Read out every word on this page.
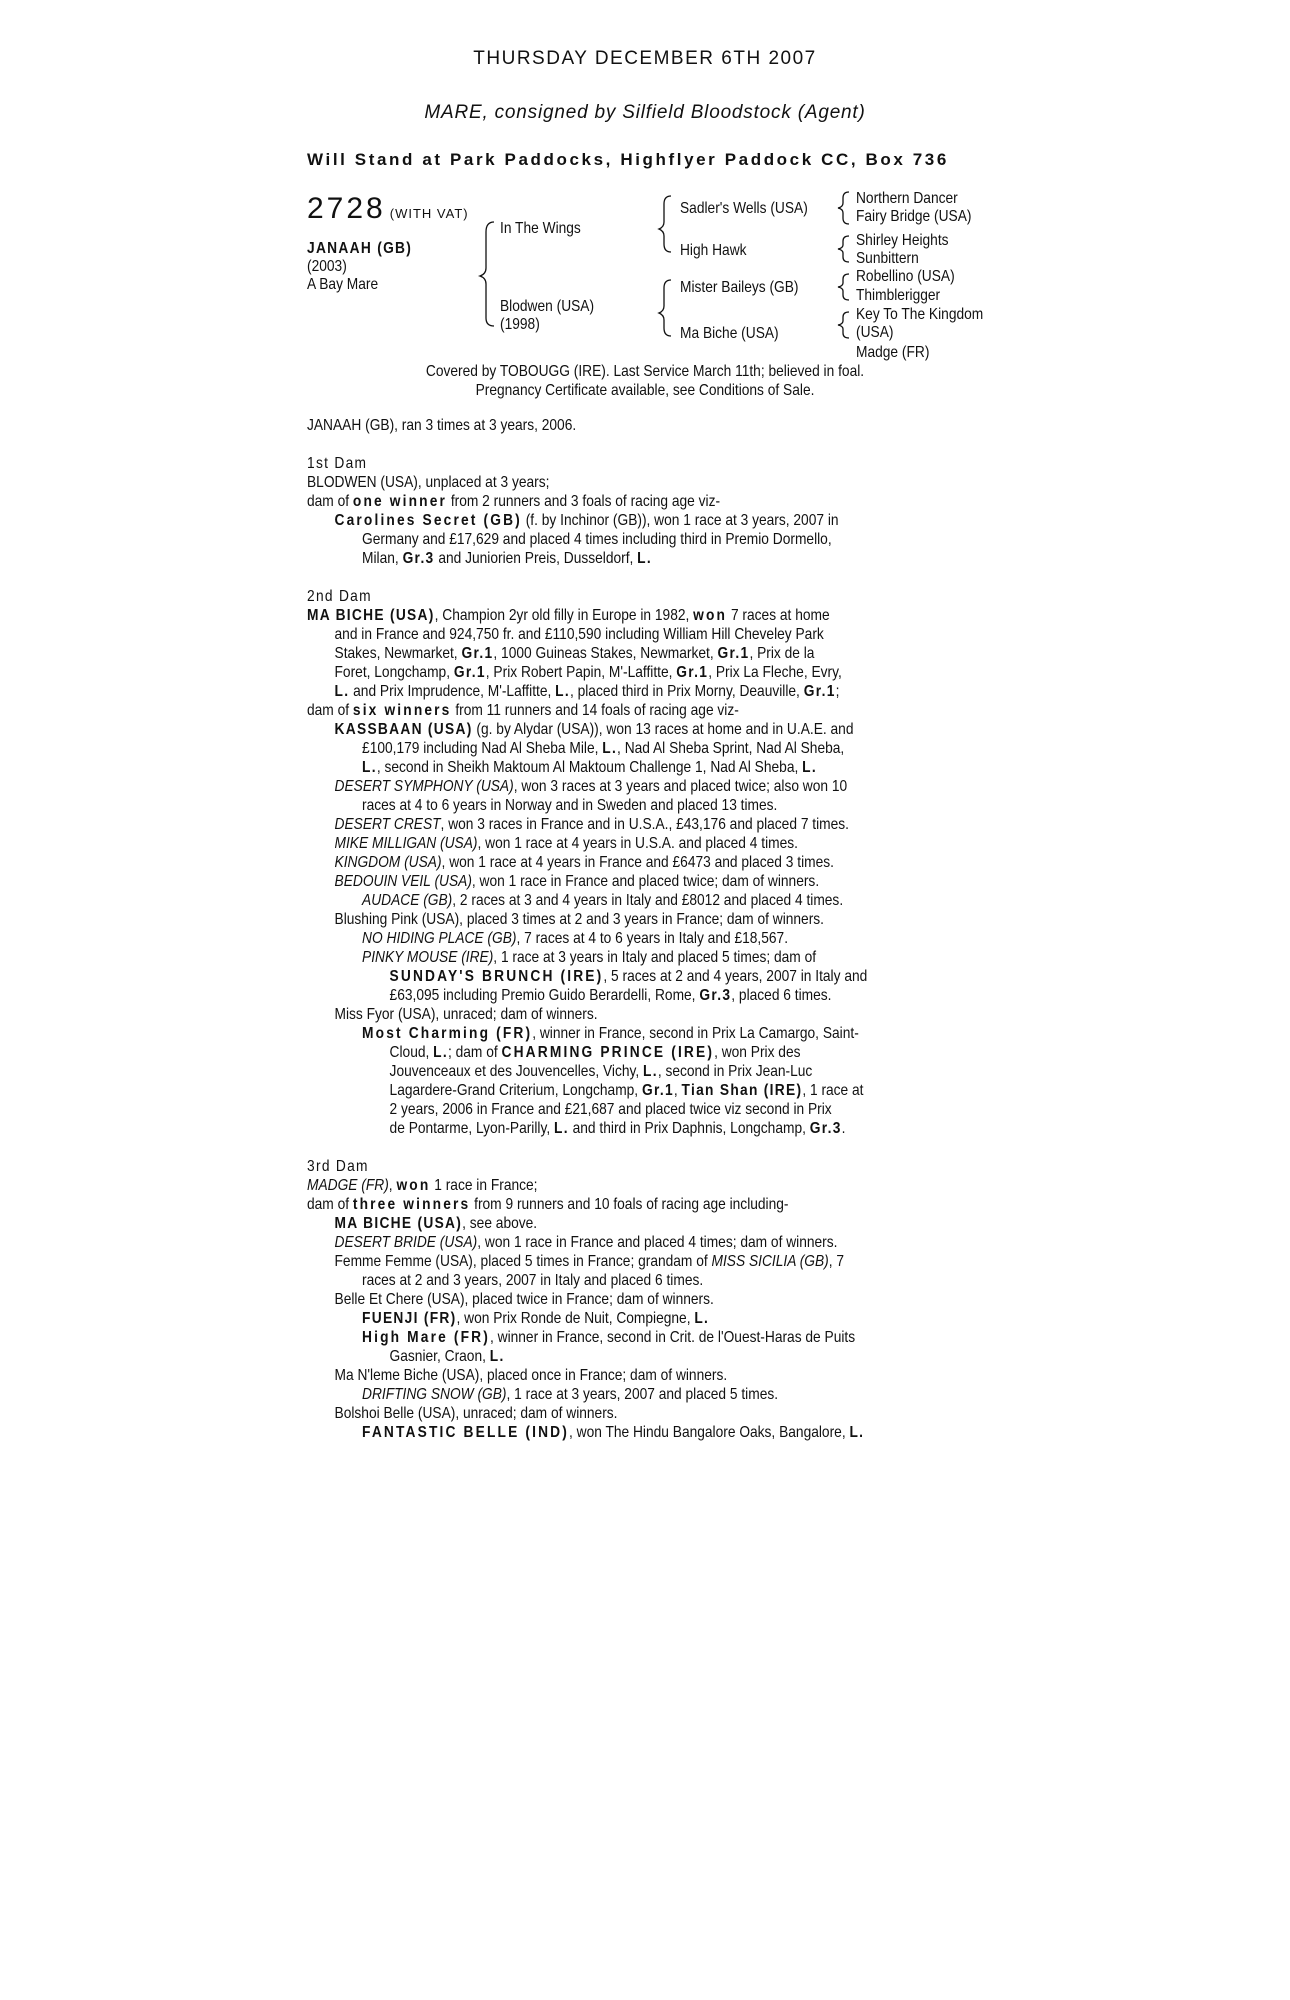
THURSDAY DECEMBER 6TH 2007
MARE, consigned by Silfield Bloodstock (Agent)
Will Stand at Park Paddocks, Highflyer Paddock CC, Box 736
2728 (WITH VAT)
JANAAH (GB)
(2003)
A Bay Mare
In The Wings
Blodwen (USA)
(1998)
Sadler's Wells (USA)
High Hawk
Mister Baileys (GB)
Ma Biche (USA)
Northern Dancer
Fairy Bridge (USA)
Shirley Heights
Sunbittern
Robellino (USA)
Thimblerigger
Key To The Kingdom
(USA)
Madge (FR)
Covered by TOBOUGG (IRE). Last Service March 11th; believed in foal.
Pregnancy Certificate available, see Conditions of Sale.
JANAAH (GB), ran 3 times at 3 years, 2006.
1st Dam
BLODWEN (USA), unplaced at 3 years;
dam of one winner from 2 runners and 3 foals of racing age viz-
Carolines Secret (GB) (f. by Inchinor (GB)), won 1 race at 3 years, 2007 in
Germany and £17,629 and placed 4 times including third in Premio Dormello,
Milan, Gr.3 and Juniorien Preis, Dusseldorf, L.
2nd Dam
MA BICHE (USA), Champion 2yr old filly in Europe in 1982, won 7 races at home
and in France and 924,750 fr. and £110,590 including William Hill Cheveley Park
Stakes, Newmarket, Gr.1, 1000 Guineas Stakes, Newmarket, Gr.1, Prix de la
Foret, Longchamp, Gr.1, Prix Robert Papin, M'-Laffitte, Gr.1, Prix La Fleche, Evry,
L. and Prix Imprudence, M'-Laffitte, L., placed third in Prix Morny, Deauville, Gr.1;
dam of six winners from 11 runners and 14 foals of racing age viz-
KASSBAAN (USA) (g. by Alydar (USA)), won 13 races at home and in U.A.E. and
£100,179 including Nad Al Sheba Mile, L., Nad Al Sheba Sprint, Nad Al Sheba,
L., second in Sheikh Maktoum Al Maktoum Challenge 1, Nad Al Sheba, L.
DESERT SYMPHONY (USA), won 3 races at 3 years and placed twice; also won 10
races at 4 to 6 years in Norway and in Sweden and placed 13 times.
DESERT CREST, won 3 races in France and in U.S.A., £43,176 and placed 7 times.
MIKE MILLIGAN (USA), won 1 race at 4 years in U.S.A. and placed 4 times.
KINGDOM (USA), won 1 race at 4 years in France and £6473 and placed 3 times.
BEDOUIN VEIL (USA), won 1 race in France and placed twice; dam of winners.
AUDACE (GB), 2 races at 3 and 4 years in Italy and £8012 and placed 4 times.
Blushing Pink (USA), placed 3 times at 2 and 3 years in France; dam of winners.
NO HIDING PLACE (GB), 7 races at 4 to 6 years in Italy and £18,567.
PINKY MOUSE (IRE), 1 race at 3 years in Italy and placed 5 times; dam of
SUNDAY'S BRUNCH (IRE), 5 races at 2 and 4 years, 2007 in Italy and
£63,095 including Premio Guido Berardelli, Rome, Gr.3, placed 6 times.
Miss Fyor (USA), unraced; dam of winners.
Most Charming (FR), winner in France, second in Prix La Camargo, Saint-
Cloud, L.; dam of CHARMING PRINCE (IRE), won Prix des
Jouvenceaux et des Jouvencelles, Vichy, L., second in Prix Jean-Luc
Lagardere-Grand Criterium, Longchamp, Gr.1, Tian Shan (IRE), 1 race at
2 years, 2006 in France and £21,687 and placed twice viz second in Prix
de Pontarme, Lyon-Parilly, L. and third in Prix Daphnis, Longchamp, Gr.3.
3rd Dam
MADGE (FR), won 1 race in France;
dam of three winners from 9 runners and 10 foals of racing age including-
MA BICHE (USA), see above.
DESERT BRIDE (USA), won 1 race in France and placed 4 times; dam of winners.
Femme Femme (USA), placed 5 times in France; grandam of MISS SICILIA (GB), 7
races at 2 and 3 years, 2007 in Italy and placed 6 times.
Belle Et Chere (USA), placed twice in France; dam of winners.
FUENJI (FR), won Prix Ronde de Nuit, Compiegne, L.
High Mare (FR), winner in France, second in Crit. de l'Ouest-Haras de Puits
Gasnier, Craon, L.
Ma N'leme Biche (USA), placed once in France; dam of winners.
DRIFTING SNOW (GB), 1 race at 3 years, 2007 and placed 5 times.
Bolshoi Belle (USA), unraced; dam of winners.
FANTASTIC BELLE (IND), won The Hindu Bangalore Oaks, Bangalore, L.
